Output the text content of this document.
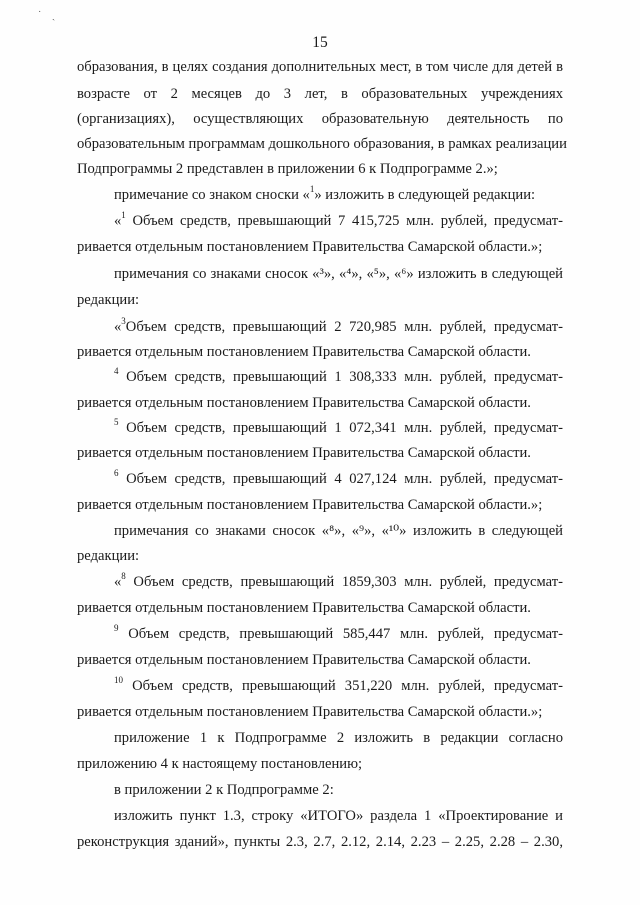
˙ ˏ
15
образования, в целях создания дополнительных мест, в том числе для детей в
возрасте от 2 месяцев до 3 лет, в образовательных учреждениях
(организациях), осуществляющих образовательную деятельность по
образовательным программам дошкольного образования, в рамках реализации
Подпрограммы 2 представлен в приложении 6 к Подпрограмме 2.»;
примечание со знаком сноски «$^1$» изложить в следующей редакции:
«$^1$ Объем средств, превышающий 7 415,725 млн. рублей, предусмат-
ривается отдельным постановлением Правительства Самарской области.»;
примечания со знаками сносок «³», «⁴», «⁵», «⁶» изложить в следующей
редакции:
«$^3$Объем средств, превышающий 2 720,985 млн. рублей, предусмат-
ривается отдельным постановлением Правительства Самарской области.
$^4$ Объем средств, превышающий 1 308,333 млн. рублей, предусмат-
ривается отдельным постановлением Правительства Самарской области.
$^5$ Объем средств, превышающий 1 072,341 млн. рублей, предусмат-
ривается отдельным постановлением Правительства Самарской области.
$^6$ Объем средств, превышающий 4 027,124 млн. рублей, предусмат-
ривается отдельным постановлением Правительства Самарской области.»;
примечания со знаками сносок «⁸», «⁹», «¹⁰» изложить в следующей
редакции:
«$^8$ Объем средств, превышающий 1859,303 млн. рублей, предусмат-
ривается отдельным постановлением Правительства Самарской области.
$^9$ Объем средств, превышающий 585,447 млн. рублей, предусмат-
ривается отдельным постановлением Правительства Самарской области.
$^{10}$ Объем средств, превышающий 351,220 млн. рублей, предусмат-
ривается отдельным постановлением Правительства Самарской области.»;
приложение 1 к Подпрограмме 2 изложить в редакции согласно
приложению 4 к настоящему постановлению;
в приложении 2 к Подпрограмме 2:
изложить пункт 1.3, строку «ИТОГО» раздела 1 «Проектирование и
реконструкция зданий», пункты 2.3, 2.7, 2.12, 2.14, 2.23 – 2.25, 2.28 – 2.30,
